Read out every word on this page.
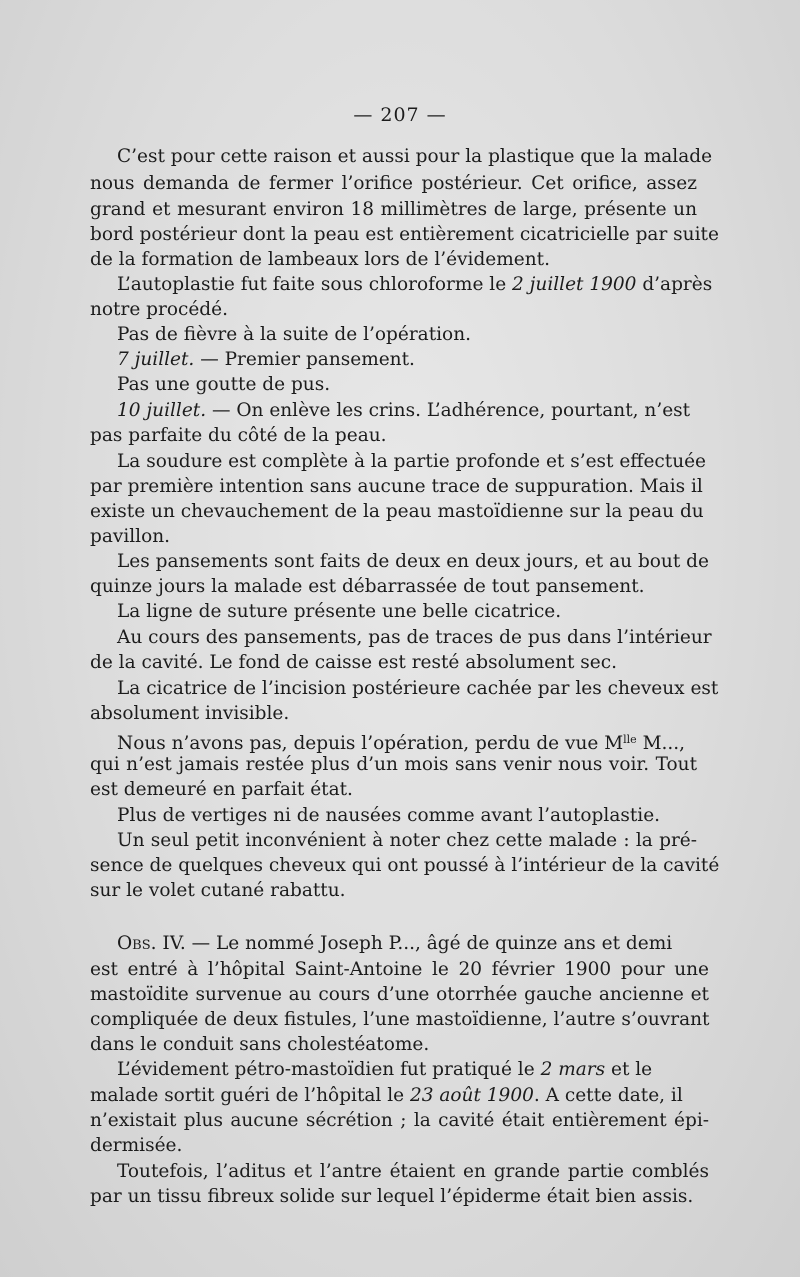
— 207 —
C’est pour cette raison et aussi pour la plastique que la malade
nous demanda de fermer l’orifice postérieur. Cet orifice, assez
grand et mesurant environ 18 millimètres de large, présente un
bord postérieur dont la peau est entièrement cicatricielle par suite
de la formation de lambeaux lors de l’évidement.
L’autoplastie fut faite sous chloroforme le 2 juillet 1900 d’après
notre procédé.
Pas de fièvre à la suite de l’opération.
7 juillet. — Premier pansement.
Pas une goutte de pus.
10 juillet. — On enlève les crins. L’adhérence, pourtant, n’est
pas parfaite du côté de la peau.
La soudure est complète à la partie profonde et s’est effectuée
par première intention sans aucune trace de suppuration. Mais il
existe un chevauchement de la peau mastoïdienne sur la peau du
pavillon.
Les pansements sont faits de deux en deux jours, et au bout de
quinze jours la malade est débarrassée de tout pansement.
La ligne de suture présente une belle cicatrice.
Au cours des pansements, pas de traces de pus dans l’intérieur
de la cavité. Le fond de caisse est resté absolument sec.
La cicatrice de l’incision postérieure cachée par les cheveux est
absolument invisible.
Nous n’avons pas, depuis l’opération, perdu de vue $M^{lle}$ M...,
qui n’est jamais restée plus d’un mois sans venir nous voir. Tout
est demeuré en parfait état.
Plus de vertiges ni de nausées comme avant l’autoplastie.
Un seul petit inconvénient à noter chez cette malade : la pré-
sence de quelques cheveux qui ont poussé à l’intérieur de la cavité
sur le volet cutané rabattu.
Obs. IV. — Le nommé Joseph P..., âgé de quinze ans et demi
est entré à l’hôpital Saint-Antoine le 20 février 1900 pour une
mastoïdite survenue au cours d’une otorrhée gauche ancienne et
compliquée de deux fistules, l’une mastoïdienne, l’autre s’ouvrant
dans le conduit sans cholestéatome.
L’évidement pétro-mastoïdien fut pratiqué le 2 mars et le
malade sortit guéri de l’hôpital le 23 août 1900. A cette date, il
n’existait plus aucune sécrétion ; la cavité était entièrement épi-
dermisée.
Toutefois, l’aditus et l’antre étaient en grande partie comblés
par un tissu fibreux solide sur lequel l’épiderme était bien assis.
